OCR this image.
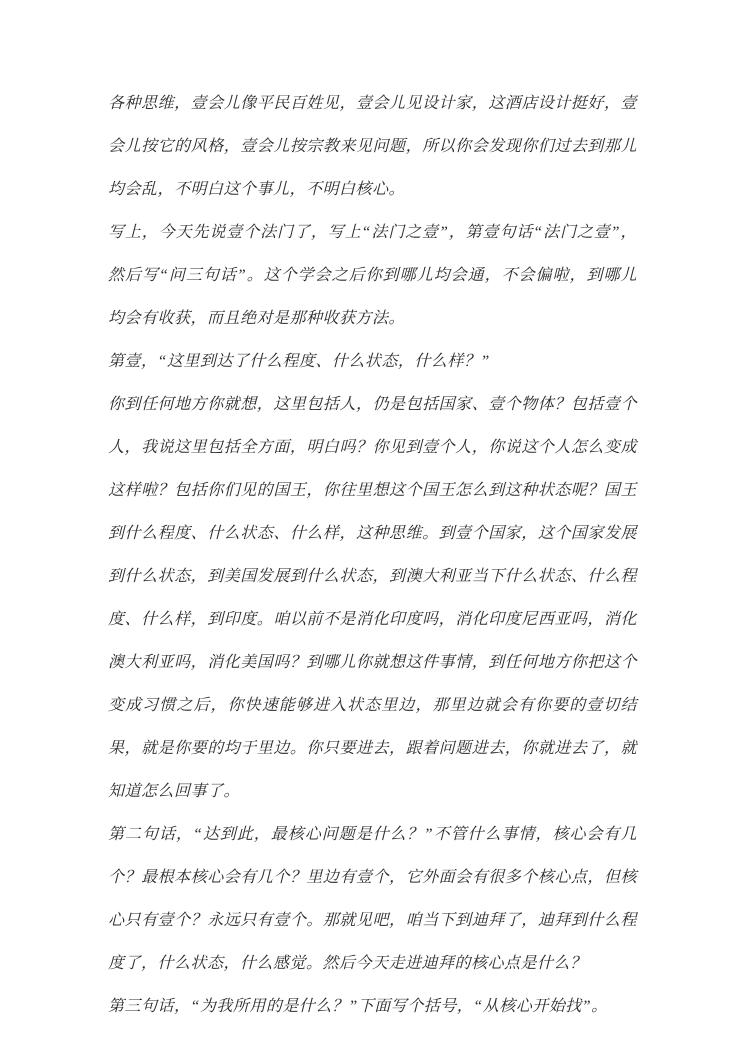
各种思维，壹会儿像平民百姓见，壹会儿见设计家，这酒店设计挺好，壹会儿按它的风格，壹会儿按宗教来见问题，所以你会发现你们过去到那儿均会乱，不明白这个事儿，不明白核心。

写上，今天先说壹个法门了，写上“法门之壹”，第壹句话“法门之壹”，然后写“问三句话”。这个学会之后你到哪儿均会通，不会偏啦，到哪儿均会有收获，而且绝对是那种收获方法。

第壹，“这里到达了什么程度、什么状态，什么样？”

你到任何地方你就想，这里包括人，仍是包括国家、壹个物体？包括壹个人，我说这里包括全方面，明白吗？你见到壹个人，你说这个人怎么变成这样啦？包括你们见的国王，你往里想这个国王怎么到这种状态呢？国王到什么程度、什么状态、什么样，这种思维。到壹个国家，这个国家发展到什么状态，到美国发展到什么状态，到澳大利亚当下什么状态、什么程度、什么样，到印度。咱以前不是消化印度吗，消化印度尼西亚吗，消化澳大利亚吗，消化美国吗？到哪儿你就想这件事情，到任何地方你把这个变成习惯之后，你快速能够进入状态里边，那里边就会有你要的壹切结果，就是你要的均于里边。你只要进去，跟着问题进去，你就进去了，就知道怎么回事了。

第二句话，“达到此，最核心问题是什么？”不管什么事情，核心会有几个？最根本核心会有几个？里边有壹个，它外面会有很多个核心点，但核心只有壹个？永远只有壹个。那就见吧，咱当下到迪拜了，迪拜到什么程度了，什么状态，什么感觉。然后今天走进迪拜的核心点是什么？

第三句话，“为我所用的是什么？”下面写个括号，“从核心开始找”。
